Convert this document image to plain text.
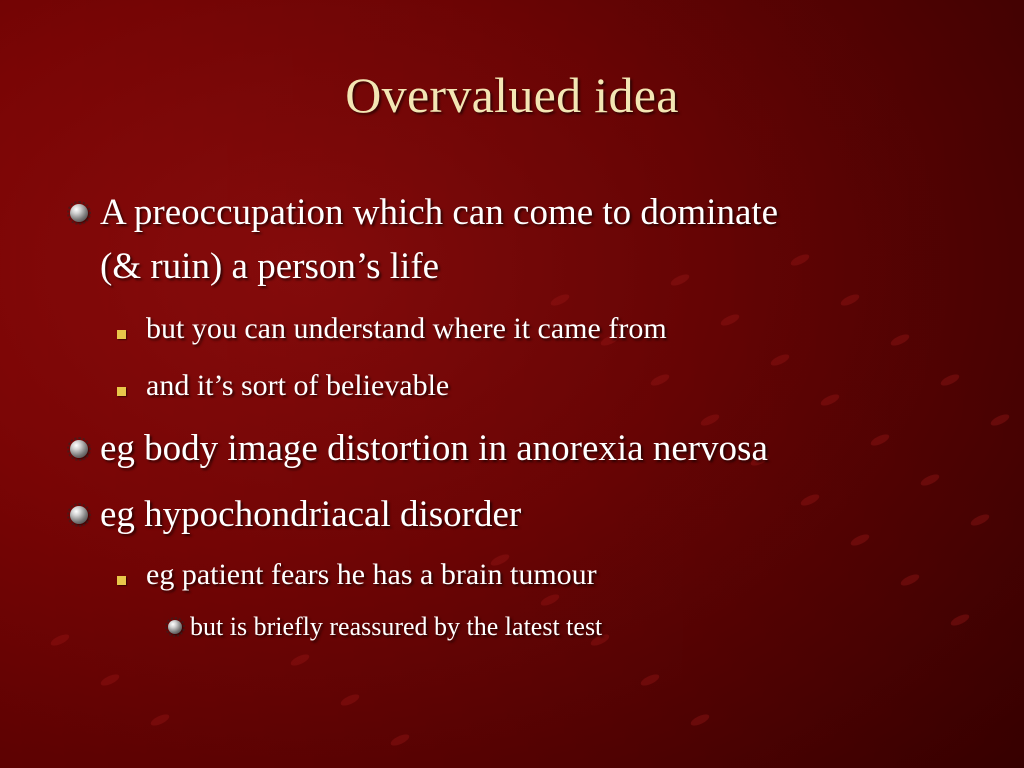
Overvalued idea
A preoccupation which can come to dominate
(& ruin) a person’s life
but you can understand where it came from
and it’s sort of believable
eg body image distortion in anorexia nervosa
eg hypochondriacal disorder
eg patient fears he has a brain tumour
but is briefly reassured by the latest test
